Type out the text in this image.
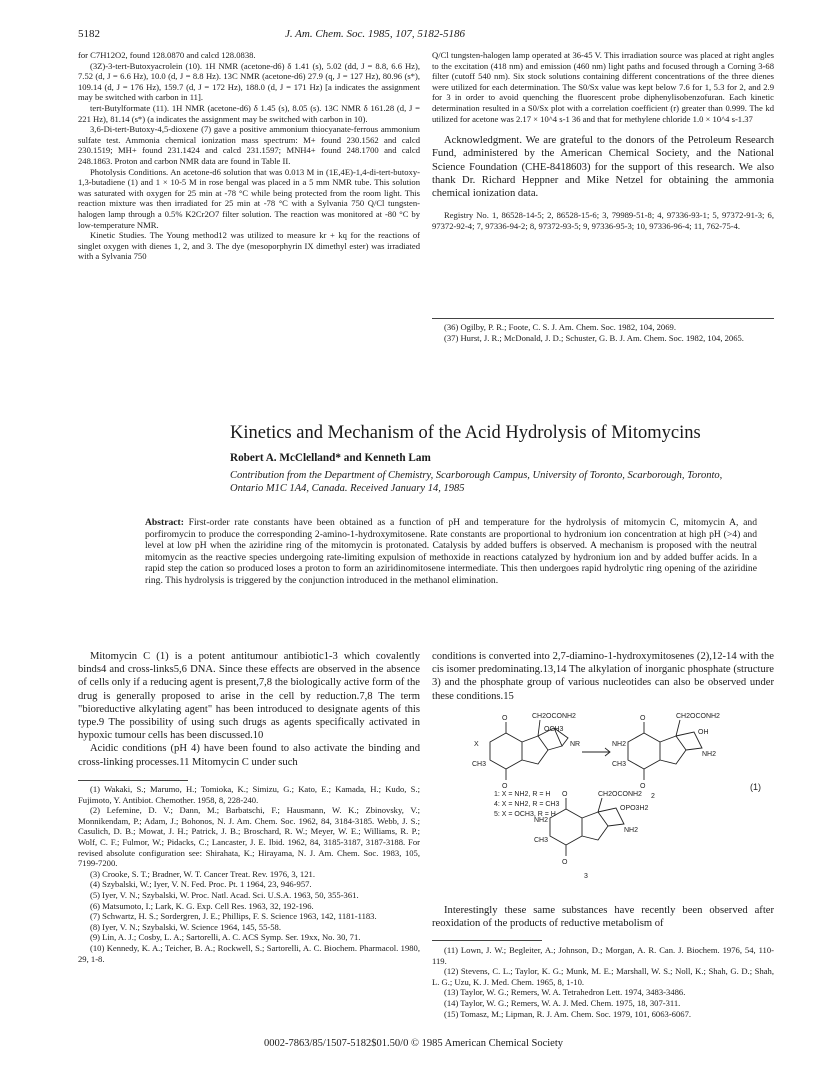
5182	J. Am. Chem. Soc. 1985, 107, 5182-5186

for C7H12O2, found 128.0870 and calcd 128.0838.

(3Z)-3-tert-Butoxyacrolein (10). 1H NMR (acetone-d6) δ 1.41 (s), 5.02 (dd, J = 8.8, 6.6 Hz), 7.52 (d, J = 6.6 Hz), 10.0 (d, J = 8.8 Hz). 13C NMR (acetone-d6) 27.9 (q, J = 127 Hz), 80.96 (s*), 109.14 (d, J = 176 Hz), 159.7 (d, J = 172 Hz), 188.0 (d, J = 171 Hz) [a indicates the assignment may be switched with carbon in 11].

tert-Butylformate (11). 1H NMR (acetone-d6) δ 1.45 (s), 8.05 (s). 13C NMR δ 161.28 (d, J = 221 Hz), 81.14 (s*) (a indicates the assignment may be switched with carbon in 10).

3,6-Di-tert-Butoxy-4,5-dioxene (7) gave a positive ammonium thiocyanate-ferrous ammonium sulfate test. Ammonia chemical ionization mass spectrum: M+ found 230.1562 and calcd 230.1519; MH+ found 231.1424 and calcd 231.1597; MNH4+ found 248.1700 and calcd 248.1863. Proton and carbon NMR data are found in Table II.

Photolysis Conditions. An acetone-d6 solution that was 0.013 M in (1E,4E)-1,4-di-tert-butoxy-1,3-butadiene (1) and 1 × 10-5 M in rose bengal was placed in a 5 mm NMR tube. This solution was saturated with oxygen for 25 min at -78 °C while being protected from the room light. This reaction mixture was then irradiated for 25 min at -78 °C with a Sylvania 750 Q/Cl tungsten-halogen lamp through a 0.5% K2Cr2O7 filter solution. The reaction was monitored at -80 °C by low-temperature NMR.

Kinetic Studies. The Young method12 was utilized to measure kr + kq for the reactions of singlet oxygen with dienes 1, 2, and 3. The dye (mesoporphyrin IX dimethyl ester) was irradiated with a Sylvania 750

Q/Cl tungsten-halogen lamp operated at 36-45 V. This irradiation source was placed at right angles to the excitation (418 nm) and emission (460 nm) light paths and focused through a Corning 3-68 filter (cutoff 540 nm). Six stock solutions containing different concentrations of the three dienes were utilized for each determination. The S0/Sx value was kept below 7.6 for 1, 5.3 for 2, and 2.9 for 3 in order to avoid quenching the fluorescent probe diphenylisobenzofuran. Each kinetic determination resulted in a S0/Sx plot with a correlation coefficient (r) greater than 0.999. The kd utilized for acetone was 2.17 × 10^4 s-1 36 and that for methylene chloride 1.0 × 10^4 s-1.37

Acknowledgment. We are grateful to the donors of the Petroleum Research Fund, administered by the American Chemical Society, and the National Science Foundation (CHE-8418603) for the support of this research. We also thank Dr. Richard Heppner and Mike Netzel for obtaining the ammonia chemical ionization data.

Registry No. 1, 86528-14-5; 2, 86528-15-6; 3, 79989-51-8; 4, 97336-93-1; 5, 97372-91-3; 6, 97372-92-4; 7, 97336-94-2; 8, 97372-93-5; 9, 97336-95-3; 10, 97336-96-4; 11, 762-75-4.

(36) Ogilby, P. R.; Foote, C. S. J. Am. Chem. Soc. 1982, 104, 2069.

(37) Hurst, J. R.; McDonald, J. D.; Schuster, G. B. J. Am. Chem. Soc. 1982, 104, 2065.

Kinetics and Mechanism of the Acid Hydrolysis of Mitomycins
Robert A. McClelland* and Kenneth Lam
Contribution from the Department of Chemistry, Scarborough Campus, University of Toronto, Scarborough, Toronto, Ontario M1C 1A4, Canada. Received January 14, 1985
Abstract: First-order rate constants have been obtained as a function of pH and temperature for the hydrolysis of mitomycin C, mitomycin A, and porfiromycin to produce the corresponding 2-amino-1-hydroxymitosene. Rate constants are proportional to hydronium ion concentration at high pH (>4) and level at low pH when the aziridine ring of the mitomycin is protonated. Catalysis by added buffers is observed. A mechanism is proposed with the neutral mitomycin as the reactive species undergoing rate-limiting expulsion of methoxide in reactions catalyzed by hydronium ion and by added buffer acids. In a rapid step the cation so produced loses a proton to form an aziridinomitosene intermediate. This then undergoes rapid hydrolytic ring opening of the aziridine ring. This hydrolysis is triggered by the conjunction introduced in the methanol elimination.

Mitomycin C (1) is a potent antitumour antibiotic1-3 which covalently binds4 and cross-links5,6 DNA. Since these effects are observed in the absence of cells only if a reducing agent is present,7,8 the biologically active form of the drug is generally proposed to arise in the cell by reduction.7,8 The term "bioreductive alkylating agent" has been introduced to designate agents of this type.9 The possibility of using such drugs as agents specifically activated in hypoxic tumour cells has been discussed.10

Acidic conditions (pH 4) have been found to also activate the binding and cross-linking processes.11 Mitomycin C under such

(1) Wakaki, S.; Marumo, H.; Tomioka, K.; Simizu, G.; Kato, E.; Kamada, H.; Kudo, S.; Fujimoto, Y. Antibiot. Chemother. 1958, 8, 228-240.

(2) Lefemine, D. V.; Dann, M.; Barbatschi, F.; Hausmann, W. K.; Zbinovsky, V.; Monnikendam, P.; Adam, J.; Bohonos, N. J. Am. Chem. Soc. 1962, 84, 3184-3185. Webb, J. S.; Casulich, D. B.; Mowat, J. H.; Patrick, J. B.; Broschard, R. W.; Meyer, W. E.; Williams, R. P.; Wolf, C. F.; Fulmor, W.; Pidacks, C.; Lancaster, J. E. Ibid. 1962, 84, 3185-3187, 3187-3188. For revised absolute configuration see: Shirahata, K.; Hirayama, N. J. Am. Chem. Soc. 1983, 105, 7199-7200.

(3) Crooke, S. T.; Bradner, W. T. Cancer Treat. Rev. 1976, 3, 121.

(4) Szybalski, W.; Iyer, V. N. Fed. Proc. Pt. 1 1964, 23, 946-957.

(5) Iyer, V. N.; Szybalski, W. Proc. Natl. Acad. Sci. U.S.A. 1963, 50, 355-361.

(6) Matsumoto, I.; Lark, K. G. Exp. Cell Res. 1963, 32, 192-196.

(7) Schwartz, H. S.; Sordergren, J. E.; Phillips, F. S. Science 1963, 142, 1181-1183.

(8) Iyer, V. N.; Szybalski, W. Science 1964, 145, 55-58.

(9) Lin, A. J.; Cosby, L. A.; Sartorelli, A. C. ACS Symp. Ser. 19xx, No. 30, 71.

(10) Kennedy, K. A.; Teicher, B. A.; Rockwell, S.; Sartorelli, A. C. Biochem. Pharmacol. 1980, 29, 1-8.

conditions is converted into 2,7-diamino-1-hydroxymitosenes (2),12-14 with the cis isomer predominating.13,14 The alkylation of inorganic phosphate (structure 3) and the phosphate group of various nucleotides can also be observed under these conditions.15

O
O
X
CH3
CH2OCONH2
OCH3
NR
O
O
NH2
CH3
CH2OCONH2
OH
NH2
1: X = NH2, R = H
4: X = NH2, R = CH3
5: X = OCH3, R = H
2
(1)
O
O
NH2
CH3
CH2OCONH2
OPO3H2
NH2
3

Interestingly these same substances have recently been observed after reoxidation of the products of reductive metabolism of

(11) Lown, J. W.; Begleiter, A.; Johnson, D.; Morgan, A. R. Can. J. Biochem. 1976, 54, 110-119.

(12) Stevens, C. L.; Taylor, K. G.; Munk, M. E.; Marshall, W. S.; Noll, K.; Shah, G. D.; Shah, L. G.; Uzu, K. J. Med. Chem. 1965, 8, 1-10.

(13) Taylor, W. G.; Remers, W. A. Tetrahedron Lett. 1974, 3483-3486.

(14) Taylor, W. G.; Remers, W. A. J. Med. Chem. 1975, 18, 307-311.

(15) Tomasz, M.; Lipman, R. J. Am. Chem. Soc. 1979, 101, 6063-6067.

0002-7863/85/1507-5182$01.50/0 © 1985 American Chemical Society
